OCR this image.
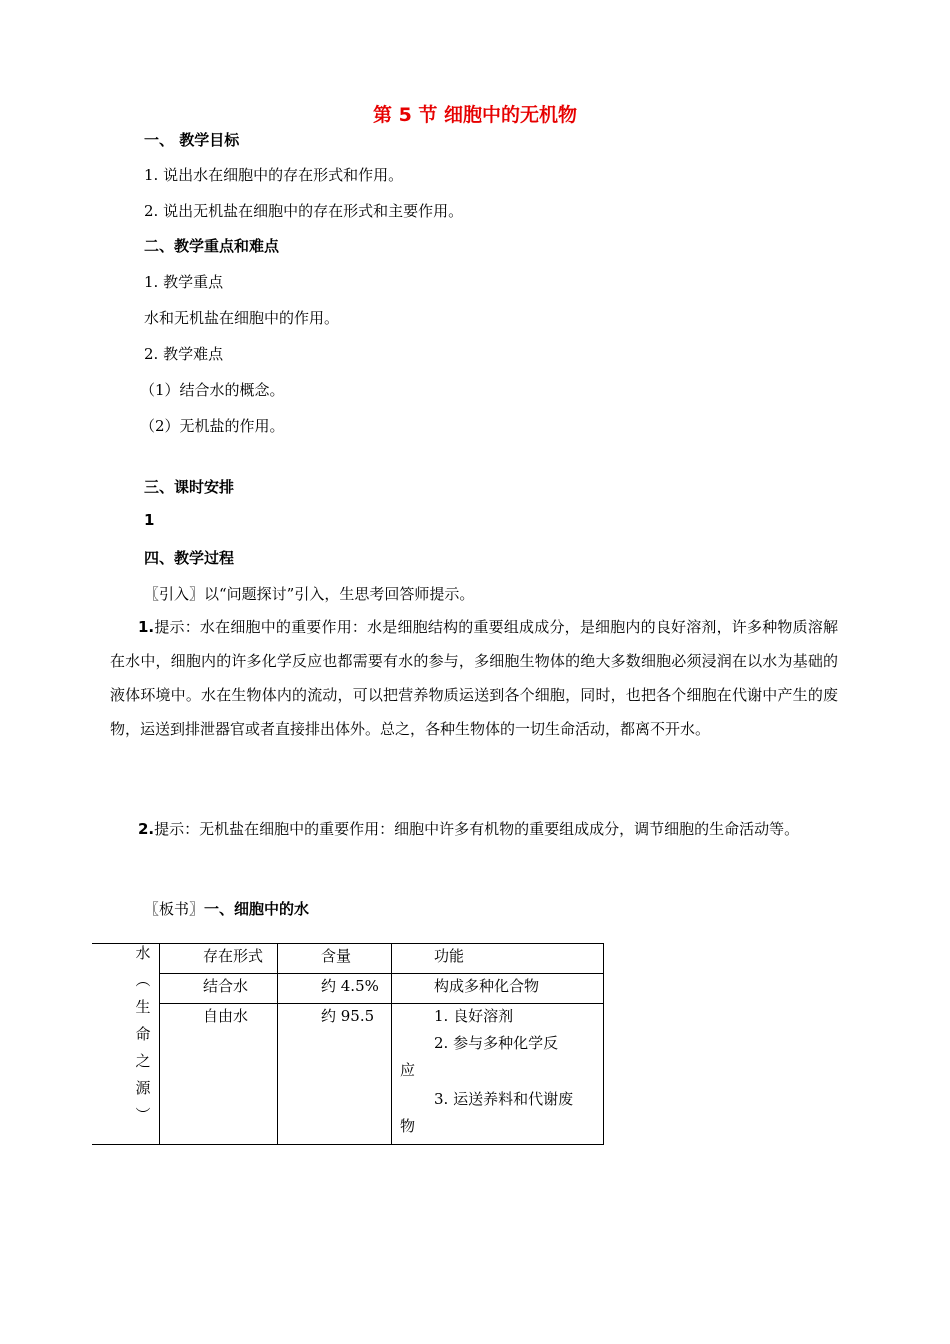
第 5 节 细胞中的无机物
一、 教学目标
1. 说出水在细胞中的存在形式和作用。
2. 说出无机盐在细胞中的存在形式和主要作用。
二、教学重点和难点
1. 教学重点
水和无机盐在细胞中的作用。
2. 教学难点
（1）结合水的概念。
（2）无机盐的作用。
三、课时安排
1
四、教学过程
〖引入〗以“问题探讨”引入，生思考回答师提示。
1.提示：水在细胞中的重要作用：水是细胞结构的重要组成成分，是细胞内的良好溶剂，许多种物质溶解在水中，细胞内的许多化学反应也都需要有水的参与，多细胞生物体的绝大多数细胞必须浸润在以水为基础的液体环境中。水在生物体内的流动，可以把营养物质运送到各个细胞，同时，也把各个细胞在代谢中产生的废物，运送到排泄器官或者直接排出体外。总之，各种生物体的一切生命活动，都离不开水。
2.提示：无机盐在细胞中的重要作用：细胞中许多有机物的重要组成成分，调节细胞的生命活动等。
〖板书〗一、细胞中的水
水
︵
生
命
之
源
︶
存在形式	含量	功能
结合水	约 4.5%	构成多种化合物
自由水	约 95.5	1. 良好溶剂
2. 参与多种化学反
应
3. 运送养料和代谢废
物
